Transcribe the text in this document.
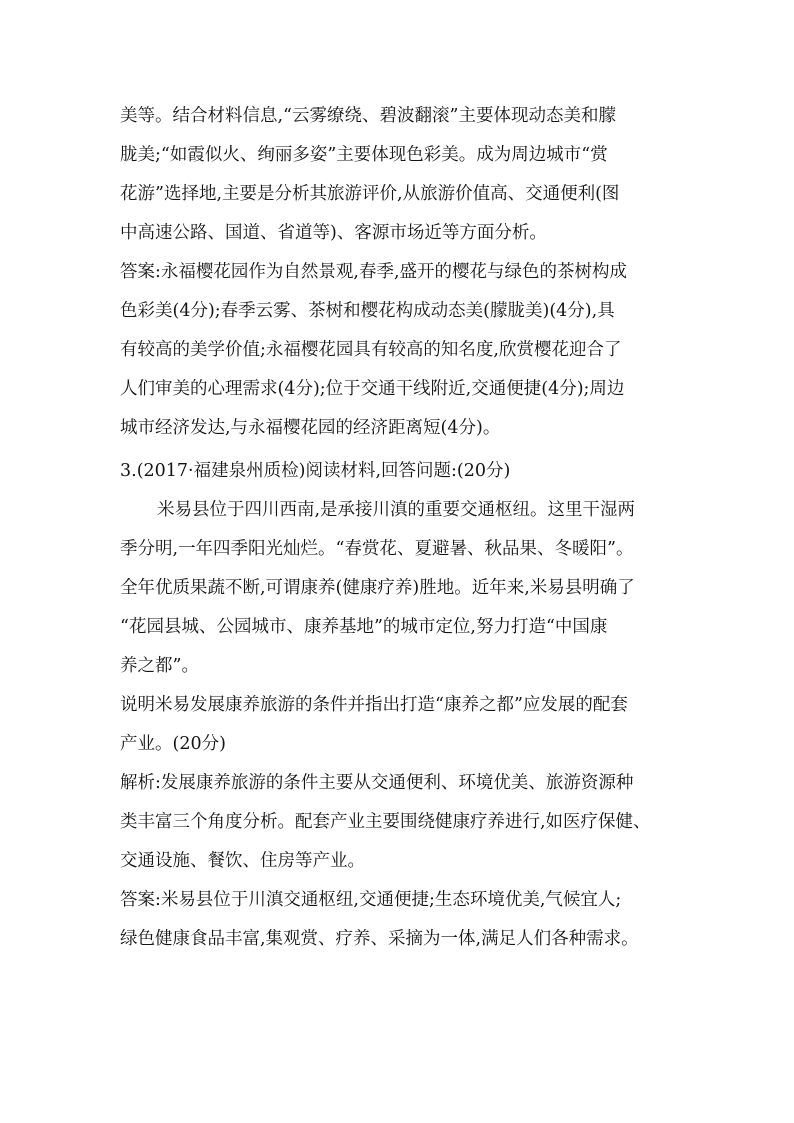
美等。结合材料信息,“云雾缭绕、碧波翻滚”主要体现动态美和朦
胧美;“如霞似火、绚丽多姿”主要体现色彩美。成为周边城市“赏
花游”选择地,主要是分析其旅游评价,从旅游价值高、交通便利(图
中高速公路、国道、省道等)、客源市场近等方面分析。
答案:永福樱花园作为自然景观,春季,盛开的樱花与绿色的茶树构成
色彩美(4分);春季云雾、茶树和樱花构成动态美(朦胧美)(4分),具
有较高的美学价值;永福樱花园具有较高的知名度,欣赏樱花迎合了
人们审美的心理需求(4分);位于交通干线附近,交通便捷(4分);周边
城市经济发达,与永福樱花园的经济距离短(4分)。
3.(2017·福建泉州质检)阅读材料,回答问题:(20分)
米易县位于四川西南,是承接川滇的重要交通枢纽。这里干湿两
季分明,一年四季阳光灿烂。“春赏花、夏避暑、秋品果、冬暖阳”。
全年优质果蔬不断,可谓康养(健康疗养)胜地。近年来,米易县明确了
“花园县城、公园城市、康养基地”的城市定位,努力打造“中国康
养之都”。
说明米易发展康养旅游的条件并指出打造“康养之都”应发展的配套
产业。(20分)
解析:发展康养旅游的条件主要从交通便利、环境优美、旅游资源种
类丰富三个角度分析。配套产业主要围绕健康疗养进行,如医疗保健、
交通设施、餐饮、住房等产业。
答案:米易县位于川滇交通枢纽,交通便捷;生态环境优美,气候宜人;
绿色健康食品丰富,集观赏、疗养、采摘为一体,满足人们各种需求。
